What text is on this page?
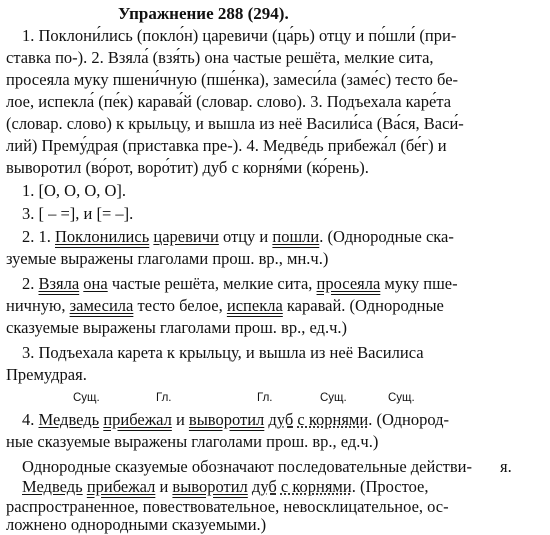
Упражнение 288 (294).
1. Поклони́лись (покло́н) царевичи (ца́рь) отцу и по́шли́ (при-
ставка по-). 2. Взяла́ (взя́ть) она частые решёта, мелкие сита,
просеяла муку пшени́чную (пше́нка), замеси́ла (заме́с) тесто бе-
лое, испекла́ (пе́к) карава́й (словар. слово). 3. Подъехала каре́та
(словар. слово) к крыльцу, и вышла из неё Васили́са (Ва́ся, Васи́-
лий) Прему́драя (приставка пре-). 4. Медве́дь прибежа́л (бе́г) и
выворотил (во́рот, воро́тит) дуб с корня́ми (ко́рень).
1. [О, О, О, О].
3. [ – =], и [= –].
2. 1. Поклонились царевичи отцу и пошли. (Однородные ска-
зуемые выражены глаголами прош. вр., мн.ч.)
2. Взяла она частые решёта, мелкие сита, просеяла муку пше-
ничную, замесила тесто белое, испекла каравай. (Однородные
сказуемые выражены глаголами прош. вр., ед.ч.)
3. Подъехала карета к крыльцу, и вышла из неё Василиса
Премудрая.
Сущ.	Гл.	Гл.	Сущ.	Сущ.
4. Медведь прибежал и выворотил дуб с корнями. (Однород-
ные сказуемые выражены глаголами прош. вр., ед.ч.)
Однородные сказуемые обозначают последовательные действи- я.
Медведь прибежал и выворотил дуб с корнями. (Простое,
распространенное, повествовательное, невосклицательное, ос-
ложнено однородными сказуемыми.)
